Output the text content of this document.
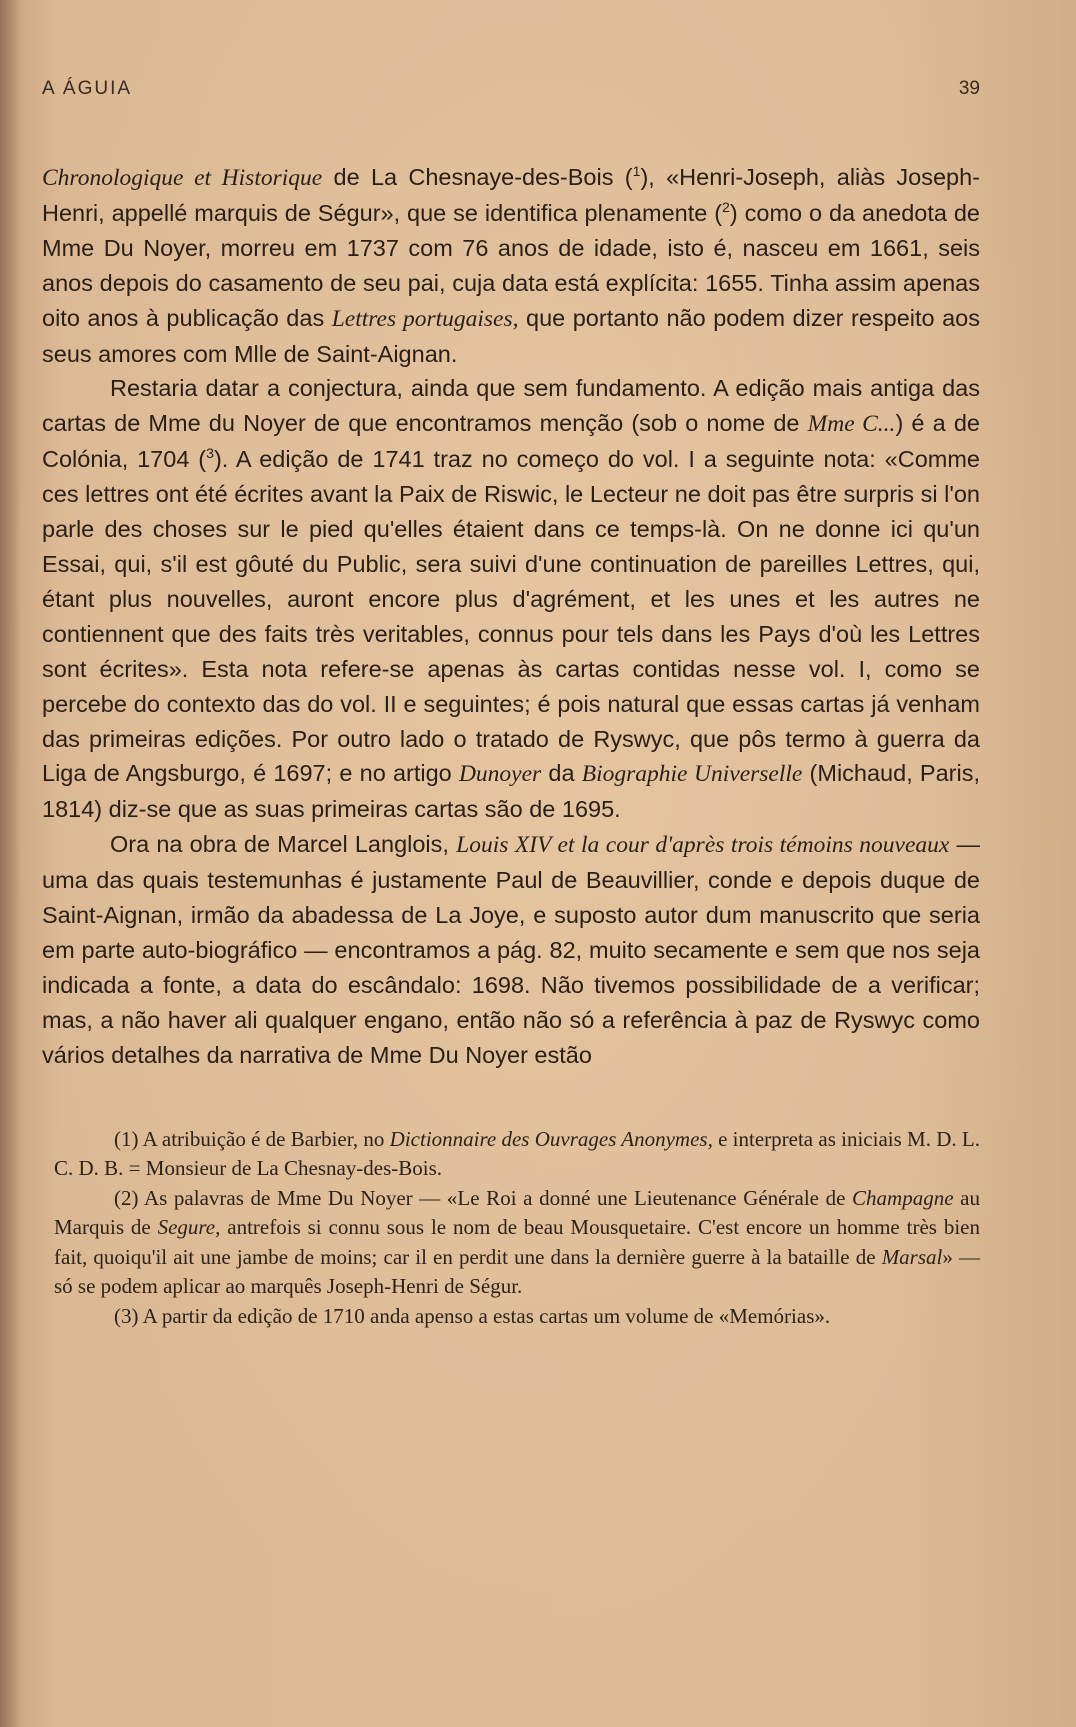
A ÁGUIA	39

Chronologique et Historique de La Chesnaye-des-Bois ($^1$), «Henri-Joseph, aliàs Joseph-Henri, appellé marquis de Ségur», que se identifica plenamente ($^2$) como o da anedota de Mme Du Noyer, morreu em 1737 com 76 anos de idade, isto é, nasceu em 1661, seis anos depois do casamento de seu pai, cuja data está explícita: 1655. Tinha assim apenas oito anos à publicação das Lettres portugaises, que portanto não podem dizer respeito aos seus amores com Mlle de Saint-Aignan.

Restaria datar a conjectura, ainda que sem fundamento. A edição mais antiga das cartas de Mme du Noyer de que encontramos menção (sob o nome de Mme C...) é a de Colónia, 1704 ($^3$). A edição de 1741 traz no começo do vol. I a seguinte nota: «Comme ces lettres ont été écrites avant la Paix de Riswic, le Lecteur ne doit pas être surpris si l'on parle des choses sur le pied qu'elles étaient dans ce temps-là. On ne donne ici qu'un Essai, qui, s'il est gôuté du Public, sera suivi d'une continuation de pareilles Lettres, qui, étant plus nouvelles, auront encore plus d'agrément, et les unes et les autres ne contiennent que des faits très veritables, connus pour tels dans les Pays d'où les Lettres sont écrites». Esta nota refere-se apenas às cartas contidas nesse vol. I, como se percebe do contexto das do vol. II e seguintes; é pois natural que essas cartas já venham das primeiras edições. Por outro lado o tratado de Ryswyc, que pôs termo à guerra da Liga de Angsburgo, é 1697; e no artigo Dunoyer da Biographie Universelle (Michaud, Paris, 1814) diz-se que as suas primeiras cartas são de 1695.

Ora na obra de Marcel Langlois, Louis XIV et la cour d'après trois témoins nouveaux — uma das quais testemunhas é justamente Paul de Beauvillier, conde e depois duque de Saint-Aignan, irmão da abadessa de La Joye, e suposto autor dum manuscrito que seria em parte auto-biográfico — encontramos a pág. 82, muito secamente e sem que nos seja indicada a fonte, a data do escândalo: 1698. Não tivemos possibilidade de a verificar; mas, a não haver ali qualquer engano, então não só a referência à paz de Ryswyc como vários detalhes da narrativa de Mme Du Noyer estão

(1) A atribuição é de Barbier, no Dictionnaire des Ouvrages Anonymes, e interpreta as iniciais M. D. L. C. D. B. = Monsieur de La Chesnay-des-Bois.

(2) As palavras de Mme Du Noyer — «Le Roi a donné une Lieutenance Générale de Champagne au Marquis de Segure, antrefois si connu sous le nom de beau Mousquetaire. C'est encore un homme très bien fait, quoiqu'il ait une jambe de moins; car il en perdit une dans la dernière guerre à la bataille de Marsal» — só se podem aplicar ao marquês Joseph-Henri de Ségur.

(3) A partir da edição de 1710 anda apenso a estas cartas um volume de «Memórias».
